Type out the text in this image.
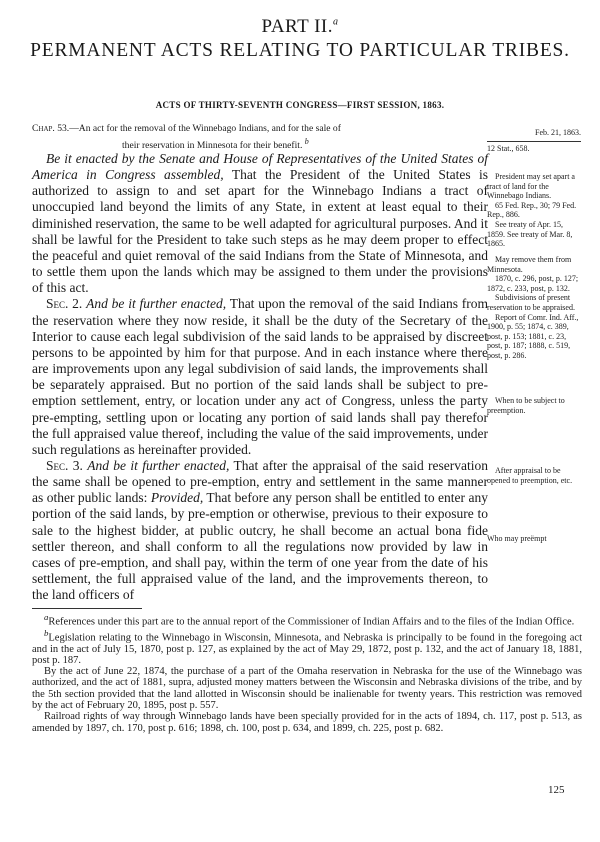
PART II.$^a$
PERMANENT ACTS RELATING TO PARTICULAR TRIBES.
ACTS OF THIRTY-SEVENTH CONGRESS—FIRST SESSION, 1863.
Chap. 53.—An act for the removal of the Winnebago Indians, and for the sale of
their reservation in Minnesota for their benefit. $^b$
Feb. 21, 1863.
12 Stat., 658.
President may set apart a tract of land for the Winnebago Indians.
65 Fed. Rep., 30; 79 Fed. Rep., 886.
See treaty of Apr. 15, 1859. See treaty of Mar. 8, 1865.
May remove them from Minnesota.
1870, c. 296, post, p. 127; 1872, c. 233, post, p. 132.
Subdivisions of present reservation to be appraised.
Report of Comr. Ind. Aff., 1900, p. 55; 1874, c. 389, post, p. 153; 1881, c. 23, post, p. 187; 1888, c. 519, post, p. 286.
When to be subject to preemption.
After appraisal to be opened to preemption, etc.
Who may preëmpt

Be it enacted by the Senate and House of Representatives of the United States of America in Congress assembled, That the President of the United States is authorized to assign to and set apart for the Winnebago Indians a tract of unoccupied land beyond the limits of any State, in extent at least equal to their diminished reservation, the same to be well adapted for agricultural purposes. And it shall be lawful for the President to take such steps as he may deem proper to effect the peaceful and quiet removal of the said Indians from the State of Minnesota, and to settle them upon the lands which may be assigned to them under the provisions of this act.

Sec. 2. And be it further enacted, That upon the removal of the said Indians from the reservation where they now reside, it shall be the duty of the Secretary of the Interior to cause each legal subdivision of the said lands to be appraised by discreet persons to be appointed by him for that purpose. And in each instance where there are improvements upon any legal subdivision of said lands, the improvements shall be separately appraised. But no portion of the said lands shall be subject to pre-emption settlement, entry, or location under any act of Congress, unless the party pre-empting, settling upon or locating any portion of said lands shall pay therefor the full appraised value thereof, including the value of the said improvements, under such regulations as hereinafter provided.

Sec. 3. And be it further enacted, That after the appraisal of the said reservation the same shall be opened to pre-emption, entry and settlement in the same manner as other public lands: Provided, That before any person shall be entitled to enter any portion of the said lands, by pre-emption or otherwise, previous to their exposure to sale to the highest bidder, at public outcry, he shall become an actual bona fide settler thereon, and shall conform to all the regulations now provided by law in cases of pre-emption, and shall pay, within the term of one year from the date of his settlement, the full appraised value of the land, and the improvements thereon, to the land officers of

$^a$References under this part are to the annual report of the Commissioner of Indian Affairs and to the files of the Indian Office.

$^b$Legislation relating to the Winnebago in Wisconsin, Minnesota, and Nebraska is principally to be found in the foregoing act and in the act of July 15, 1870, post p. 127, as explained by the act of May 29, 1872, post p. 132, and the act of January 18, 1881, post p. 187.

By the act of June 22, 1874, the purchase of a part of the Omaha reservation in Nebraska for the use of the Winnebago was authorized, and the act of 1881, supra, adjusted money matters between the Wisconsin and Nebraska divisions of the tribe, and by the 5th section provided that the land allotted in Wisconsin should be inalienable for twenty years. This restriction was removed by the act of February 20, 1895, post p. 557.

Railroad rights of way through Winnebago lands have been specially provided for in the acts of 1894, ch. 117, post p. 513, as amended by 1897, ch. 170, post p. 616; 1898, ch. 100, post p. 634, and 1899, ch. 225, post p. 682.

125
